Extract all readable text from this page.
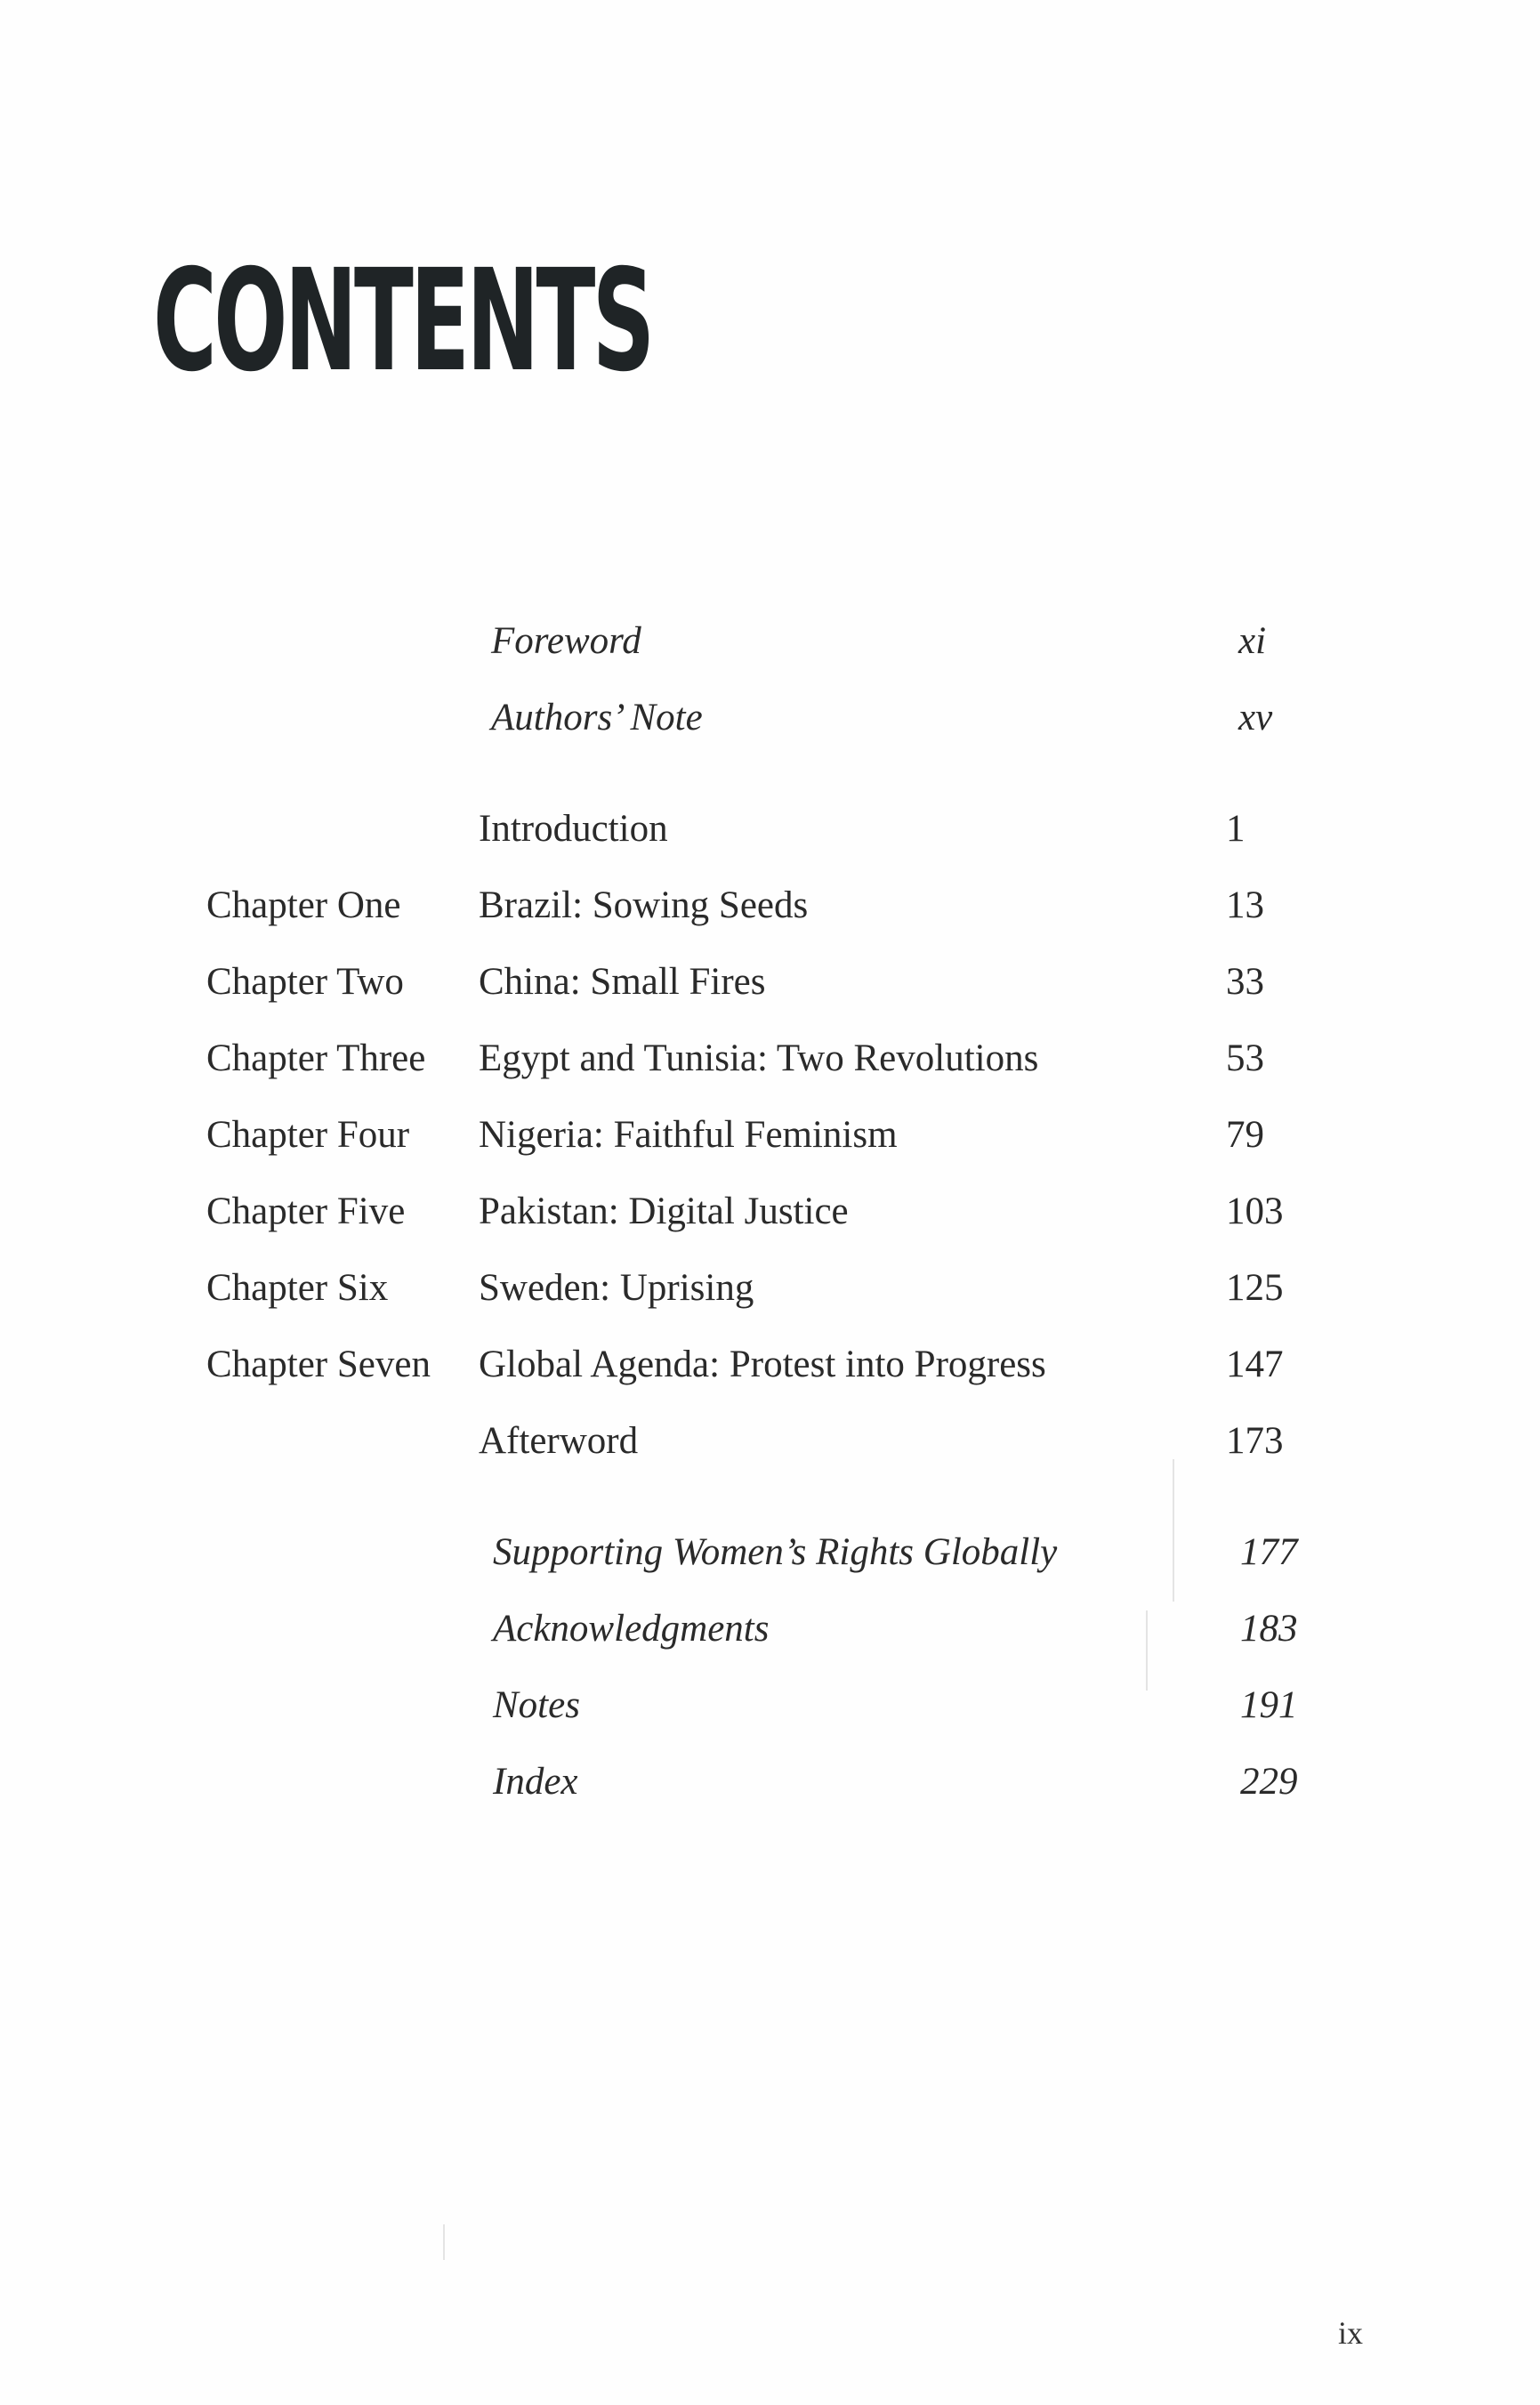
CONTENTS
Foreword	xi
Authors’ Note	xv
Introduction	1
Chapter One Brazil: Sowing Seeds	13
Chapter Two China: Small Fires	33
Chapter Three Egypt and Tunisia: Two Revolutions	53
Chapter Four Nigeria: Faithful Feminism	79
Chapter Five Pakistan: Digital Justice	103
Chapter Six Sweden: Uprising	125
Chapter Seven Global Agenda: Protest into Progress	147
Afterword	173
Supporting Women’s Rights Globally	177
Acknowledgments	183
Notes	191
Index	229
ix
